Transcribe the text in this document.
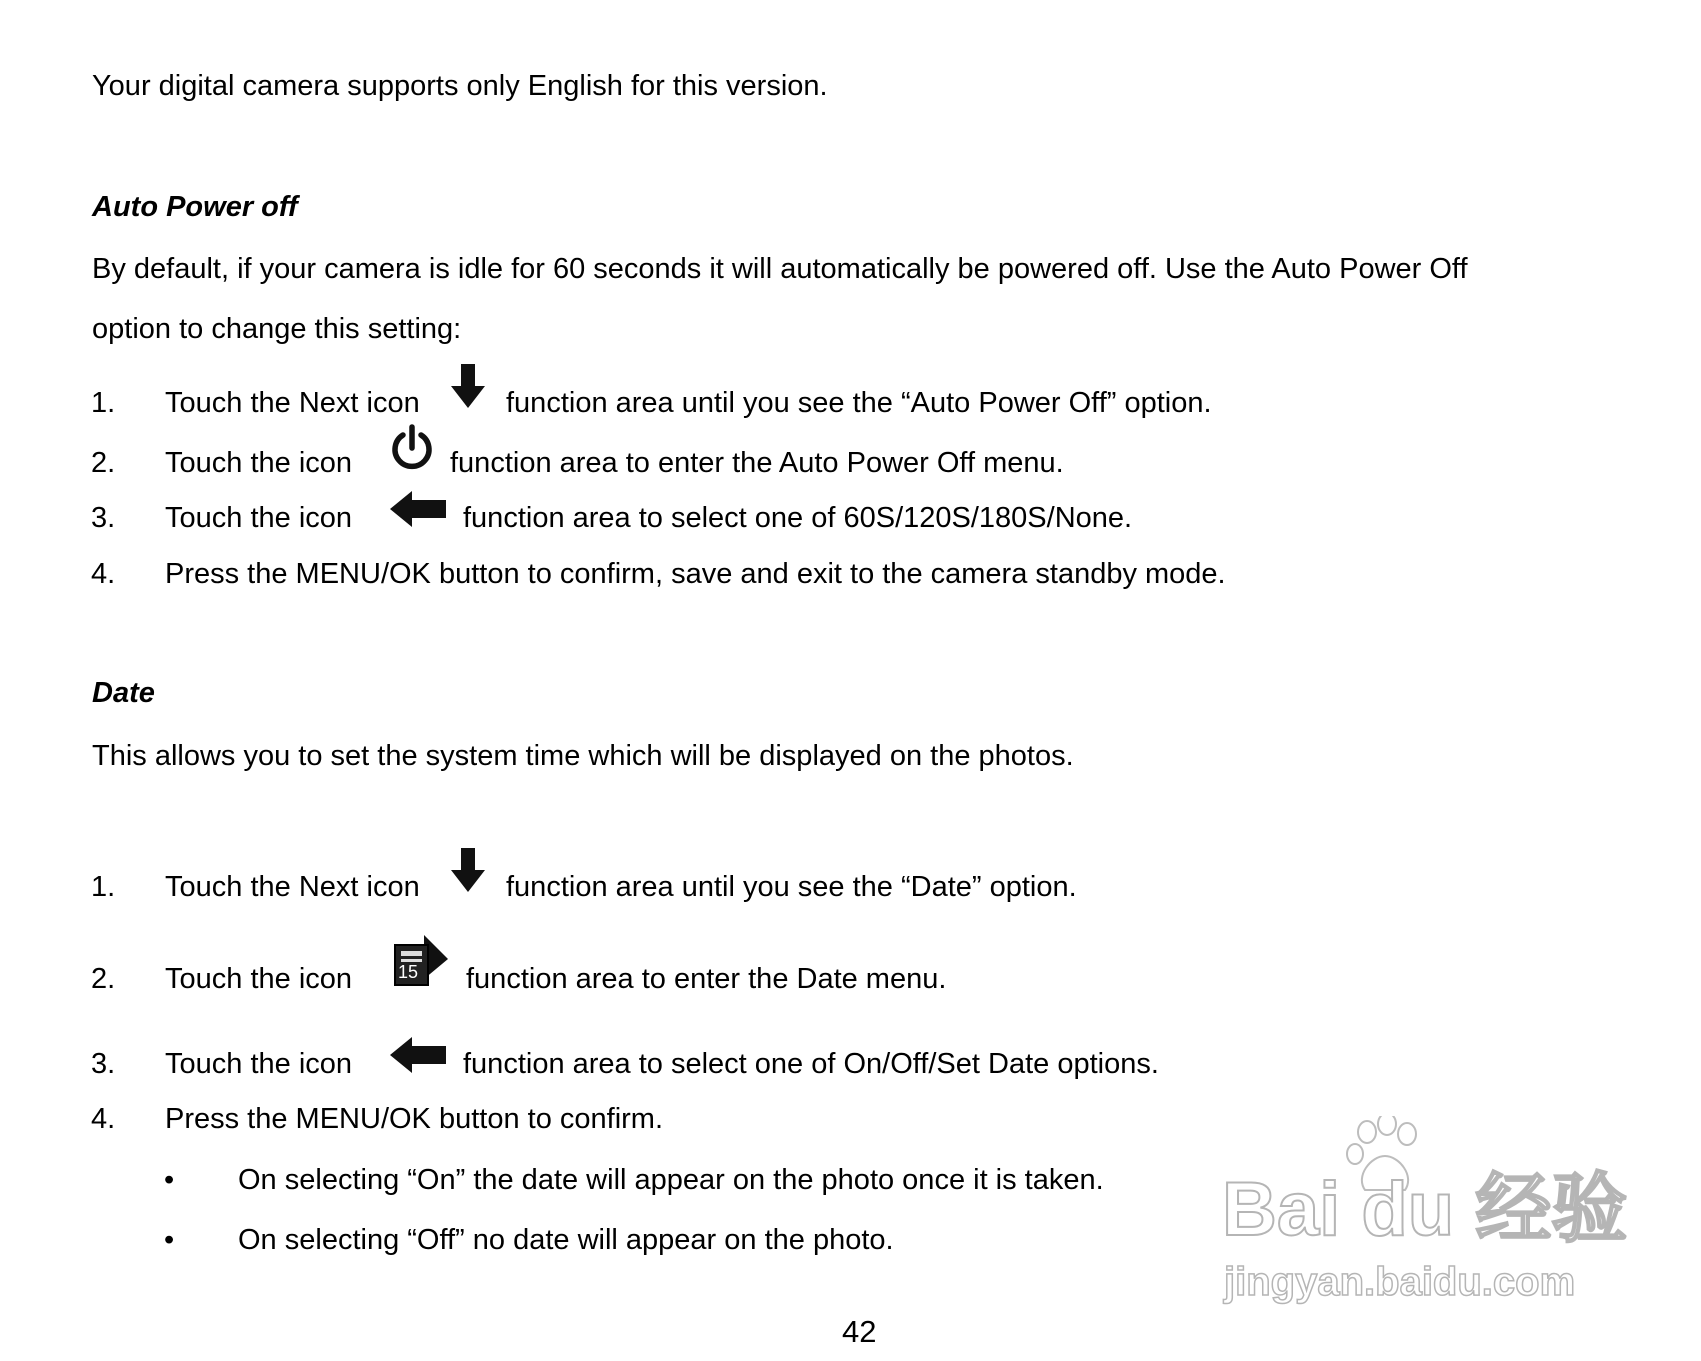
Your digital camera supports only English for this version.
Auto Power off
By default, if your camera is idle for 60 seconds it will automatically be powered off. Use the Auto Power Off
option to change this setting:
1. Touch the Next icon	function area until you see the “Auto Power Off” option.
2. Touch the icon	function area to enter the Auto Power Off menu.
3. Touch the icon	function area to select one of 60S/120S/180S/None.
4. Press the MENU/OK button to confirm, save and exit to the camera standby mode.
Date
This allows you to set the system time which will be displayed on the photos.
1. Touch the Next icon	function area until you see the “Date” option.
2. Touch the icon	15 function area to enter the Date menu.
3. Touch the icon	function area to select one of On/Off/Set Date options.
4. Press the MENU/OK button to confirm.
• On selecting “On” the date will appear on the photo once it is taken.
• On selecting “Off” no date will appear on the photo.
42
Bai du 经验
jingyan.baidu.com
